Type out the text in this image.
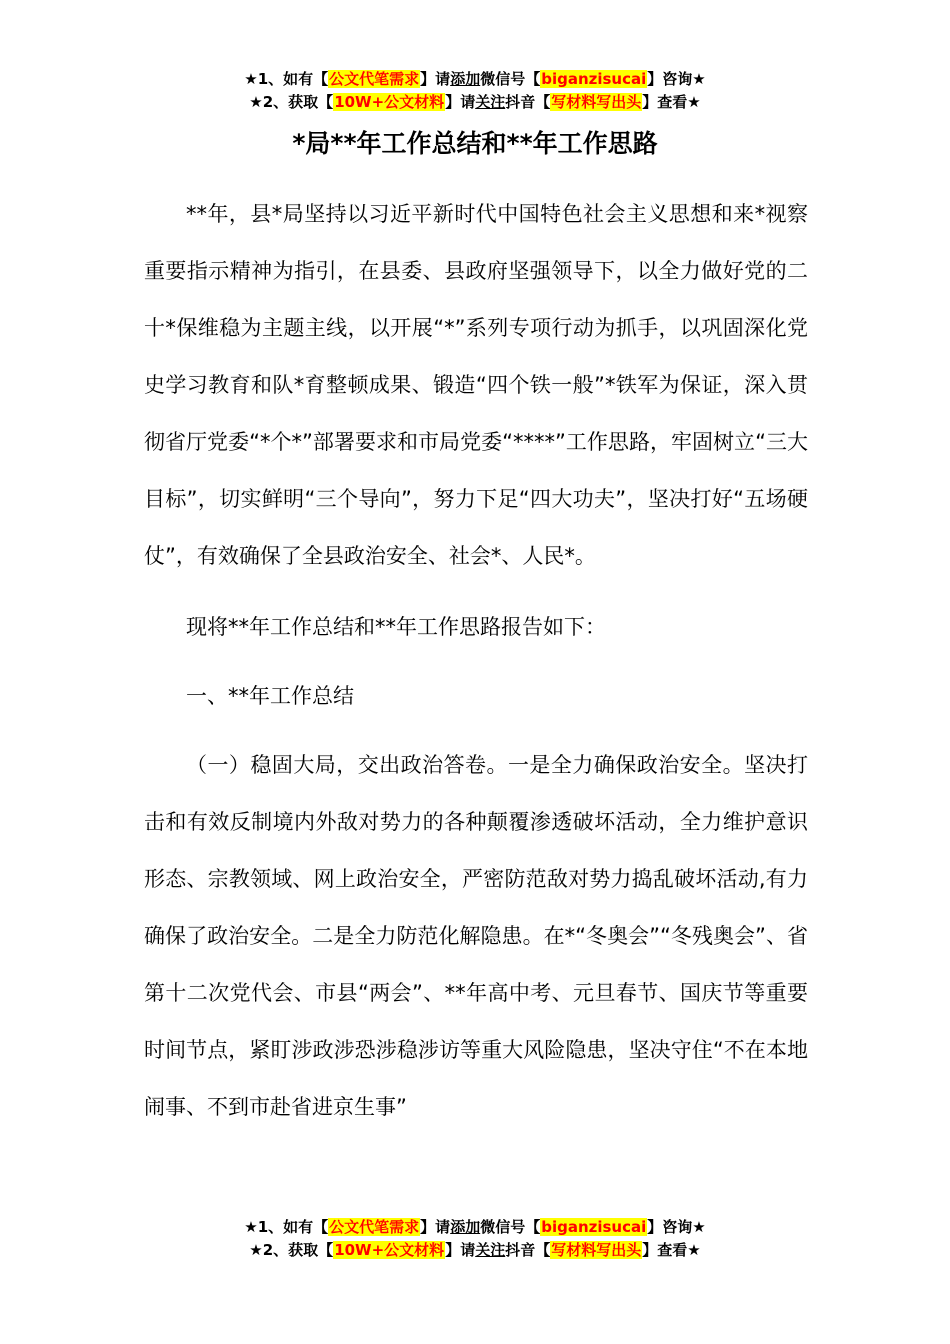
★1、如有【公文代笔需求】请添加微信号【biganzisucai】咨询★
★2、获取【10W+公文材料】请关注抖音【写材料写出头】查看★
*局**年工作总结和**年工作思路

**年，县*局坚持以习近平新时代中国特色社会主义思想和来*视察重要指示精神为指引，在县委、县政府坚强领导下，以全力做好党的二十*保维稳为主题主线，以开展“*”系列专项行动为抓手，以巩固深化党史学习教育和队*育整顿成果、锻造“四个铁一般”*铁军为保证，深入贯彻省厅党委“*个*”部署要求和市局党委“****”工作思路，牢固树立“三大目标”，切实鲜明“三个导向”，努力下足“四大功夫”，坚决打好“五场硬仗”，有效确保了全县政治安全、社会*、人民*。

现将**年工作总结和**年工作思路报告如下：

一、**年工作总结

（一）稳固大局，交出政治答卷。一是全力确保政治安全。坚决打击和有效反制境内外敌对势力的各种颠覆渗透破坏活动，全力维护意识形态、宗教领域、网上政治安全，严密防范敌对势力捣乱破坏活动,有力确保了政治安全。二是全力防范化解隐患。在*“冬奥会”“冬残奥会”、省第十二次党代会、市县“两会”、**年高中考、元旦春节、国庆节等重要时间节点，紧盯涉政涉恐涉稳涉访等重大风险隐患，坚决守住“不在本地闹事、不到市赴省进京生事”

★1、如有【公文代笔需求】请添加微信号【biganzisucai】咨询★
★2、获取【10W+公文材料】请关注抖音【写材料写出头】查看★
